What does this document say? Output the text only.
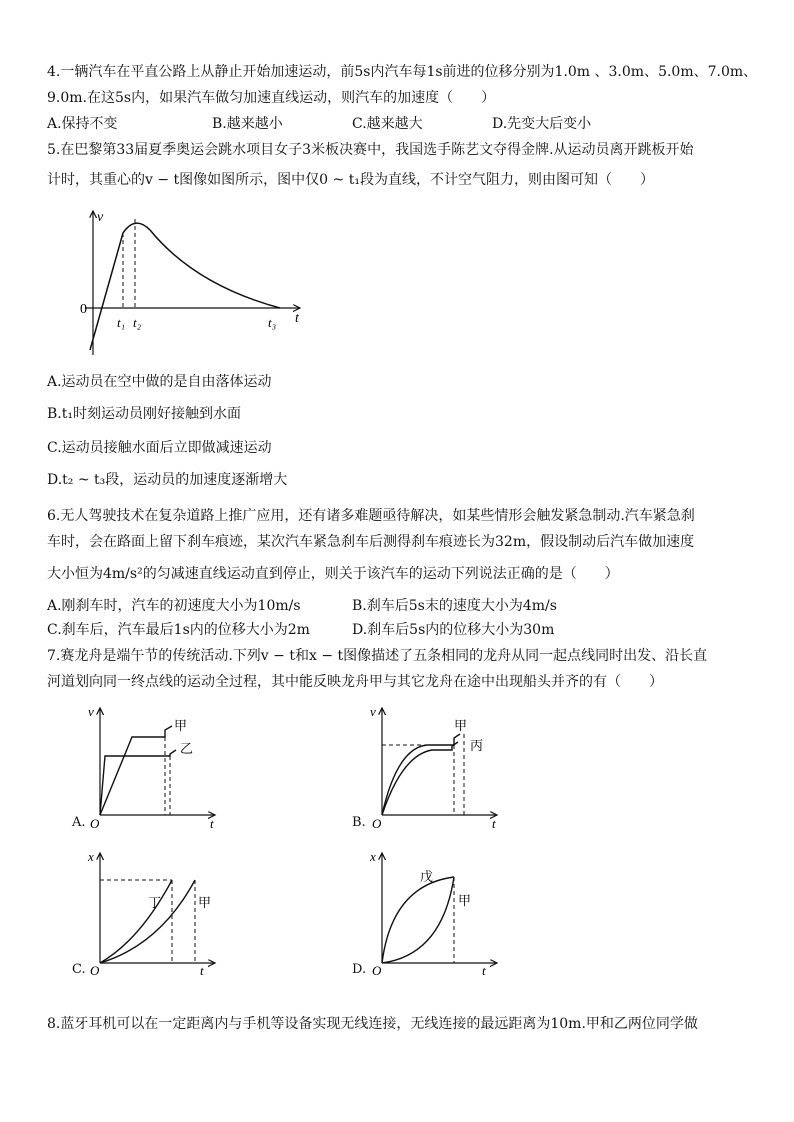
4.一辆汽车在平直公路上从静止开始加速运动，前5s内汽车每1s前进的位移分别为1.0m 、3.0m、5.0m、7.0m、
9.0m.在这5s内，如果汽车做匀加速直线运动，则汽车的加速度（　　）
A.保持不变	B.越来越小	C.越来越大	D.先变大后变小
5.在巴黎第33届夏季奥运会跳水项目女子3米板决赛中，我国选手陈艺文夺得金牌.从运动员离开跳板开始
计时，其重心的v − t图像如图所示，图中仅0 ~ t₁段为直线，不计空气阻力，则由图可知（　　）
v
t
0
t₁ t₂	t₃
A.运动员在空中做的是自由落体运动
B.t₁时刻运动员刚好接触到水面
C.运动员接触水面后立即做减速运动
D.t₂ ~ t₃段，运动员的加速度逐渐增大
6.无人驾驶技术在复杂道路上推广应用，还有诸多难题亟待解决，如某些情形会触发紧急制动.汽车紧急刹
车时，会在路面上留下刹车痕迹，某次汽车紧急刹车后测得刹车痕迹长为32m，假设制动后汽车做加速度
大小恒为4m/s²的匀减速直线运动直到停止，则关于该汽车的运动下列说法正确的是（　　）
A.刚刹车时，汽车的初速度大小为10m/s	B.刹车后5s末的速度大小为4m/s
C.刹车后，汽车最后1s内的位移大小为2m	D.刹车后5s内的位移大小为30m
7.赛龙舟是端午节的传统活动.下列v − t和x − t图像描述了五条相同的龙舟从同一起点线同时出发、沿长直
河道划向同一终点线的运动全过程，其中能反映龙舟甲与其它龙舟在途中出现船头并齐的有（　　）
v
t
O
甲
乙
A.
v
t
O
甲
丙
B.
x
t
O
丁	甲
C.
x
t
O
戊
甲
D.
8.蓝牙耳机可以在一定距离内与手机等设备实现无线连接，无线连接的最远距离为10m.甲和乙两位同学做
